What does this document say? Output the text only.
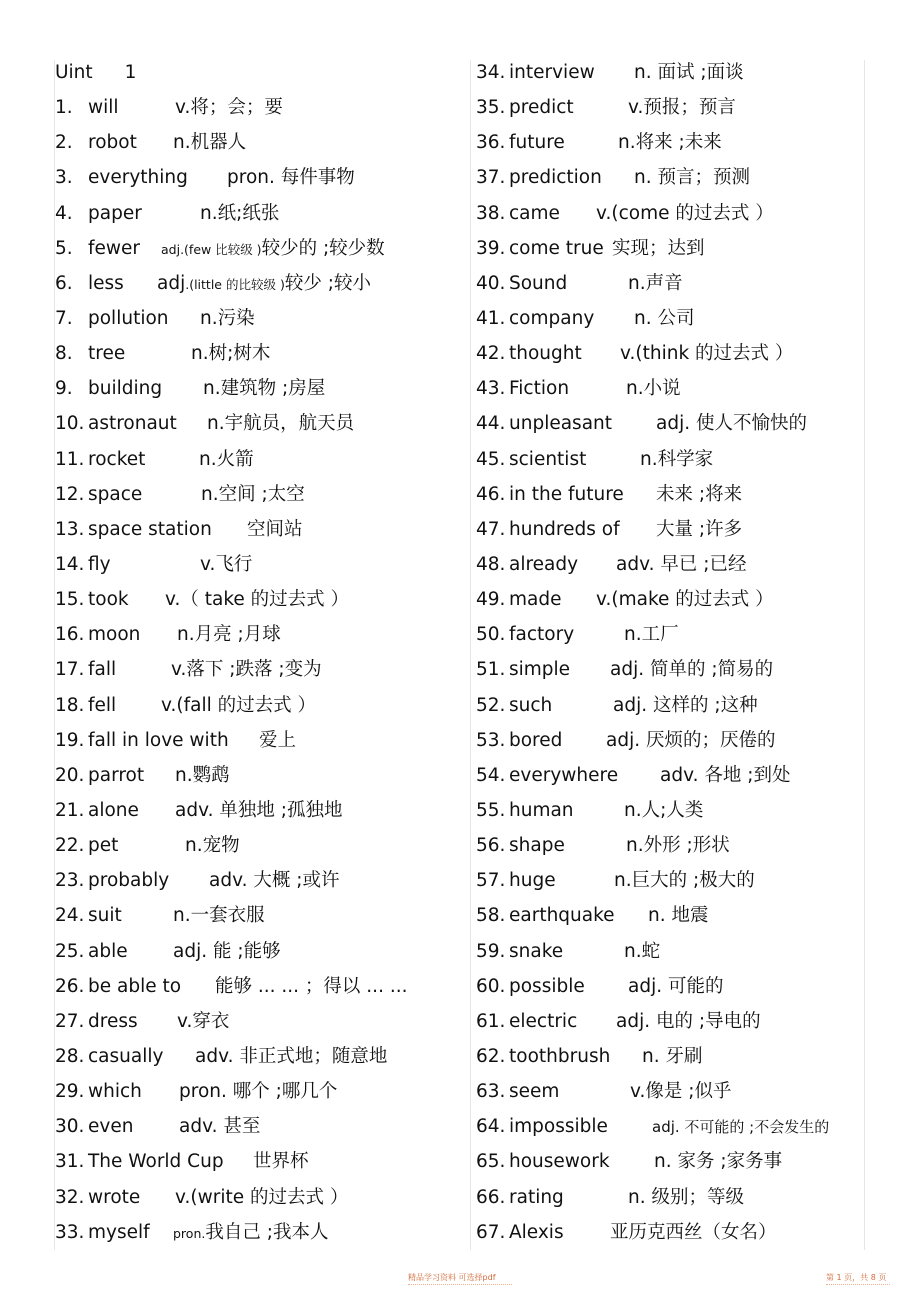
Uint 1
1. will	v.将；会；要
2. robot n.机器人
3. everything pron. 每件事物
4. paper	n.纸;纸张
5. fewer adj.(few 比较级 )较少的 ;较少数
6. less adj.(little 的比较级 )较少 ;较小
7. pollution n.污染
8. tree	n.树;树木
9. building n.建筑物 ;房屋
10. astronaut n.宇航员，航天员
11. rocket	n.火箭
12. space	n.空间 ;太空
13. space station 空间站
14. fly	v.飞行
15. took v.（ take 的过去式 ）
16. moon n.月亮 ;月球
17. fall	v.落下 ;跌落 ;变为
18. fell v.(fall 的过去式 ）
19. fall in love with 爱上
20. parrot n.鹦鹉
21. alone adv. 单独地 ;孤独地
22. pet	n.宠物
23. probably adv. 大概 ;或许
24. suit	n.一套衣服
25. able adj. 能 ;能够
26. be able to 能够 ... ... ；得以 ... ...
27. dress v.穿衣
28. casually adv. 非正式地；随意地
29. which pron. 哪个 ;哪几个
30. even adv. 甚至
31. The World Cup 世界杯
32. wrote v.(write 的过去式 ）
33. myself pron.我自己 ;我本人
34. interview n. 面试 ;面谈
35. predict	v.预报；预言
36. future	n.将来 ;未来
37. prediction n. 预言；预测
38. came v.(come 的过去式 ）
39. come true 实现；达到
40. Sound	n.声音
41. company n. 公司
42. thought v.(think 的过去式 ）
43. Fiction	n.小说
44. unpleasant adj. 使人不愉快的
45. scientist	n.科学家
46. in the future 未来 ;将来
47. hundreds of 大量 ;许多
48. already adv. 早已 ;已经
49. made v.(make 的过去式 ）
50. factory	n.工厂
51. simple adj. 简单的 ;简易的
52. such	adj. 这样的 ;这种
53. bored adj. 厌烦的；厌倦的
54. everywhere adv. 各地 ;到处
55. human	n.人;人类
56. shape	n.外形 ;形状
57. huge	n.巨大的 ;极大的
58. earthquake n. 地震
59. snake	n.蛇
60. possible adj. 可能的
61. electric adj. 电的 ;导电的
62. toothbrush n. 牙刷
63. seem	v.像是 ;似乎
64. impossible	adj. 不可能的 ;不会发生的
65. housework n. 家务 ;家务事
66. rating	n. 级别；等级
67. Alexis	亚历克西丝（女名）
精品学习资料 可选择pdf	第 1 页，共 8 页
